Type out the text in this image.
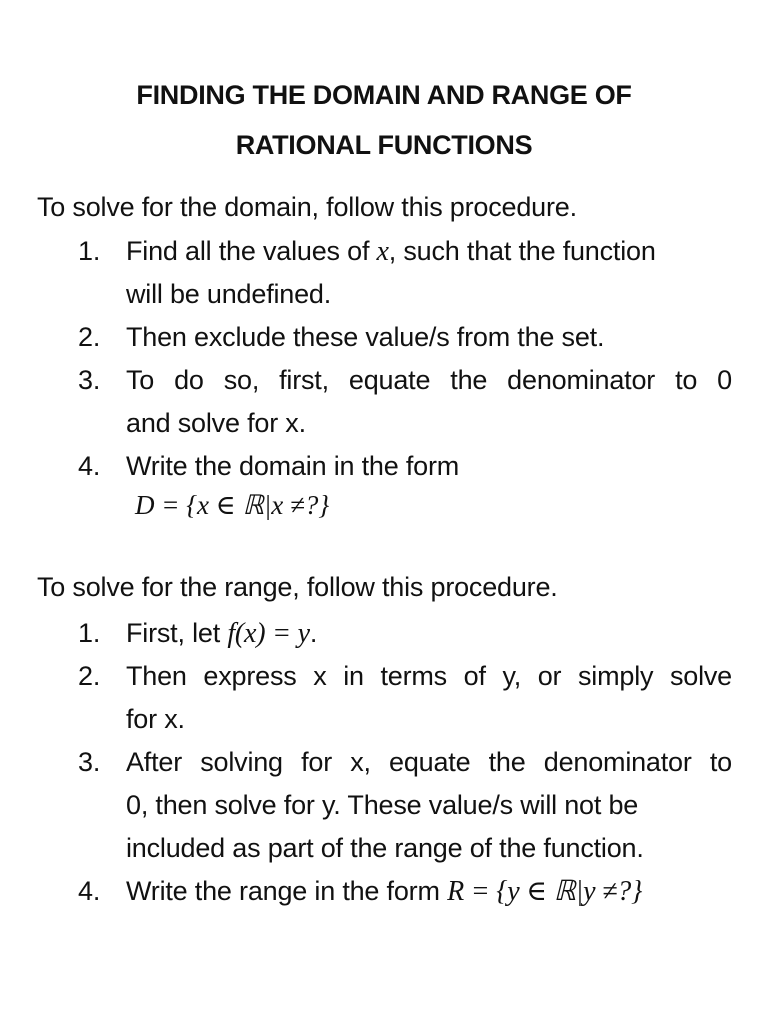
FINDING THE DOMAIN AND RANGE OF
RATIONAL FUNCTIONS
To solve for the domain, follow this procedure.
1. Find all the values of x, such that the function
will be undefined.
2. Then exclude these value/s from the set.
3. To do so, first, equate the denominator to 0
and solve for x.
4. Write the domain in the form
D = {x ∈ ℝ|x ≠?}
To solve for the range, follow this procedure.
1. First, let f(x) = y.
2. Then express x in terms of y, or simply solve
for x.
3. After solving for x, equate the denominator to
0, then solve for y. These value/s will not be
included as part of the range of the function.
4. Write the range in the form R = {y ∈ ℝ|y ≠?}
